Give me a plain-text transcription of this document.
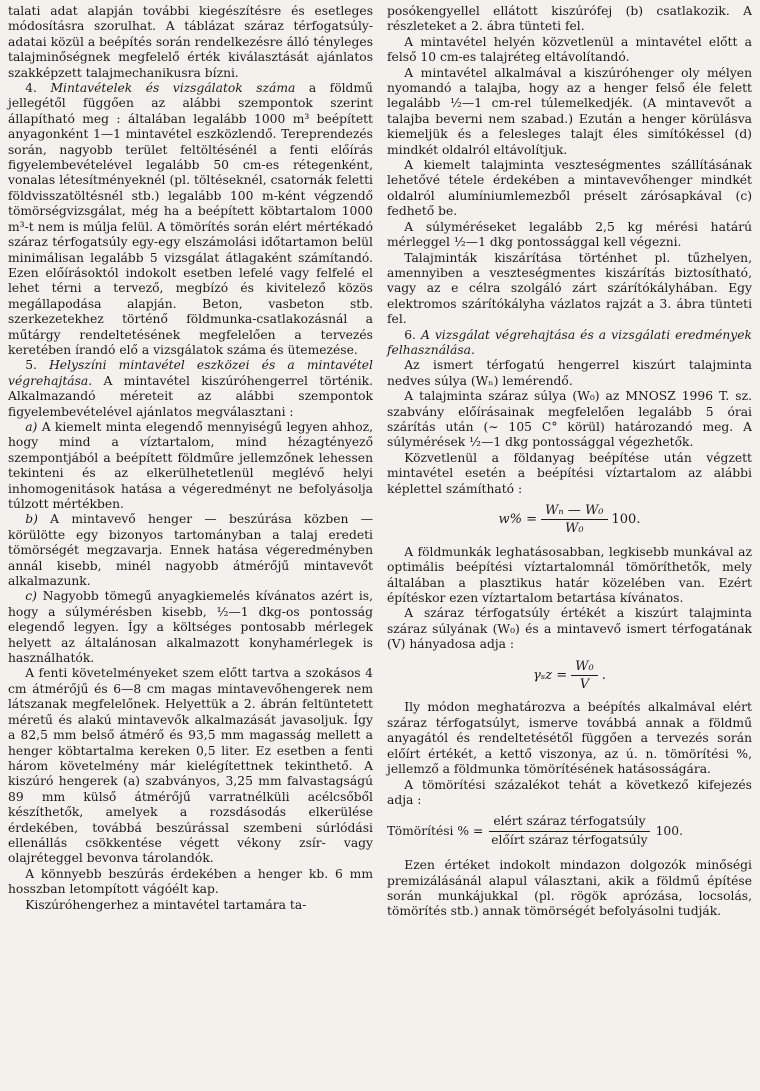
talati adat alapján további kiegészítésre és esetleges módosításra szorulhat. A táblázat száraz térfogatsúly-adatai közül a beépítés során rendelkezésre álló tényleges talajminőségnek megfelelő érték kiválasztását ajánlatos szakképzett talajmechanikusra bízni.

4. Mintavételek és vizsgálatok száma a földmű jellegétől függően az alábbi szempontok szerint állapítható meg : általában legalább 1000 m³ beépített anyagonként 1—1 mintavétel eszközlendő. Tereprendezés során, nagyobb terület feltöltésénél a fenti előírás figyelembevételével legalább 50 cm-es rétegenként, vonalas létesítményeknél (pl. töltéseknél, csatornák feletti földvisszatöltésnél stb.) legalább 100 m-ként végzendő tömörségvizsgálat, még ha a beépített köbtartalom 1000 m³-t nem is múlja felül. A tömörítés során elért mértékadó száraz térfogatsúly egy-egy elszámolási időtartamon belül minimálisan legalább 5 vizsgálat átlagaként számítandó. Ezen előírásoktól indokolt esetben lefelé vagy felfelé el lehet térni a tervező, megbízó és kivitelező közös megállapodása alapján. Beton, vasbeton stb. szerkezetekhez történő földmunka-csatlakozásnál a műtárgy rendeltetésének megfelelően a tervezés keretében írandó elő a vizsgálatok száma és ütemezése.

5. Helyszíni mintavétel eszközei és a mintavétel végrehajtása. A mintavétel kiszúróhengerrel történik. Alkalmazandó méreteit az alábbi szempontok figyelembevételével ajánlatos megválasztani :

a) A kiemelt minta elegendő mennyiségű legyen ahhoz, hogy mind a víztartalom, mind hézagtényező szempontjából a beépített földműre jellemzőnek lehessen tekinteni és az elkerülhetetlenül meglévő helyi inhomogenitások hatása a végeredményt ne befolyásolja túlzott mértékben.

b) A mintavevő henger — beszúrása közben — körülötte egy bizonyos tartományban a talaj eredeti tömörségét megzavarja. Ennek hatása végeredményben annál kisebb, minél nagyobb átmérőjű mintavevőt alkalmazunk.

c) Nagyobb tömegű anyagkiemelés kívánatos azért is, hogy a súlymérésben kisebb, ½—1 dkg-os pontosság elegendő legyen. Így a költséges pontosabb mérlegek helyett az általánosan alkalmazott konyhamérlegek is használhatók.

A fenti követelményeket szem előtt tartva a szokásos 4 cm átmérőjű és 6—8 cm magas mintavevőhengerek nem látszanak megfelelőnek. Helyettük a 2. ábrán feltüntetett méretű és alakú mintavevők alkalmazását javasoljuk. Így a 82,5 mm belső átmérő és 93,5 mm magasság mellett a henger köbtartalma kereken 0,5 liter. Ez esetben a fenti három követelmény már kielégítettnek tekinthető. A kiszúró hengerek (a) szabványos, 3,25 mm falvastagságú 89 mm külső átmérőjű varratnélküli acélcsőből készíthetők, amelyek a rozsdásodás elkerülése érdekében, továbbá beszúrással szembeni súrlódási ellenállás csökkentése végett vékony zsír- vagy olajréteggel bevonva tárolandók.

A könnyebb beszúrás érdekében a henger kb. 6 mm hosszban letompított vágóélt kap.

Kiszúróhengerhez a mintavétel tartamára ta-

posókengyellel ellátott kiszúrófej (b) csatlakozik. A részleteket a 2. ábra tünteti fel.

A mintavétel helyén közvetlenül a mintavétel előtt a felső 10 cm-es talajréteg eltávolítandó.

A mintavétel alkalmával a kiszúróhenger oly mélyen nyomandó a talajba, hogy az a henger felső éle felett legalább ½—1 cm-rel túlemelkedjék. (A mintavevőt a talajba beverni nem szabad.) Ezután a henger körülásva kiemeljük és a felesleges talajt éles simítókéssel (d) mindkét oldalról eltávolítjuk.

A kiemelt talajminta veszteségmentes szállításának lehetővé tétele érdekében a mintavevőhenger mindkét oldalról alumíniumlemezből préselt zárósapkával (c) fedhető be.

A súlyméréseket legalább 2,5 kg mérési határú mérleggel ½—1 dkg pontossággal kell végezni.

Talajminták kiszárítása történhet pl. tűzhelyen, amennyiben a veszteségmentes kiszárítás biztosítható, vagy az e célra szolgáló zárt szárítókályhában. Egy elektromos szárítókályha vázlatos rajzát a 3. ábra tünteti fel.

6. A vizsgálat végrehajtása és a vizsgálati eredmények felhasználása.

Az ismert térfogatú hengerrel kiszúrt talajminta nedves súlya (Wₙ) lemérendő.

A talajminta száraz súlya (W₀) az MNOSZ 1996 T. sz. szabvány előírásainak megfelelően legalább 5 órai szárítás után (∼ 105 C° körül) határozandó meg. A súlymérések ½—1 dkg pontossággal végezhetők.

Közvetlenül a földanyag beépítése után végzett mintavétel esetén a beépítési víztartalom az alábbi képlettel számítható :

$w\% = \frac{\text{Wₙ — W₀}}{\text{W₀}} 100$.

A földmunkák leghatásosabban, legkisebb munkával az optimális beépítési víztartalomnál tömöríthetők, mely általában a plasztikus határ közelében van. Ezért építéskor ezen víztartalom betartása kívánatos.

A száraz térfogatsúly értékét a kiszúrt talajminta száraz súlyának (W₀) és a mintavevő ismert térfogatának (V) hányadosa adja :

$\gamma_sz = \frac{\text{W₀}}{V}$ .

Ily módon meghatározva a beépítés alkalmával elért száraz térfogatsúlyt, ismerve továbbá annak a földmű anyagától és rendeltetésétől függően a tervezés során előírt értékét, a kettő viszonya, az ú. n. tömörítési %, jellemző a földmunka tömörítésének hatásosságára.

A tömörítési százalékot tehát a következő kifejezés adja :

Tömörítési % = $\frac{\text{elért száraz térfogatsúly}}{\text{előírt száraz térfogatsúly}} 100$.

Ezen értéket indokolt mindazon dolgozók minőségi premizálásánál alapul választani, akik a földmű építése során munkájukkal (pl. rögök aprózása, locsolás, tömörítés stb.) annak tömörségét befolyásolni tudják.
